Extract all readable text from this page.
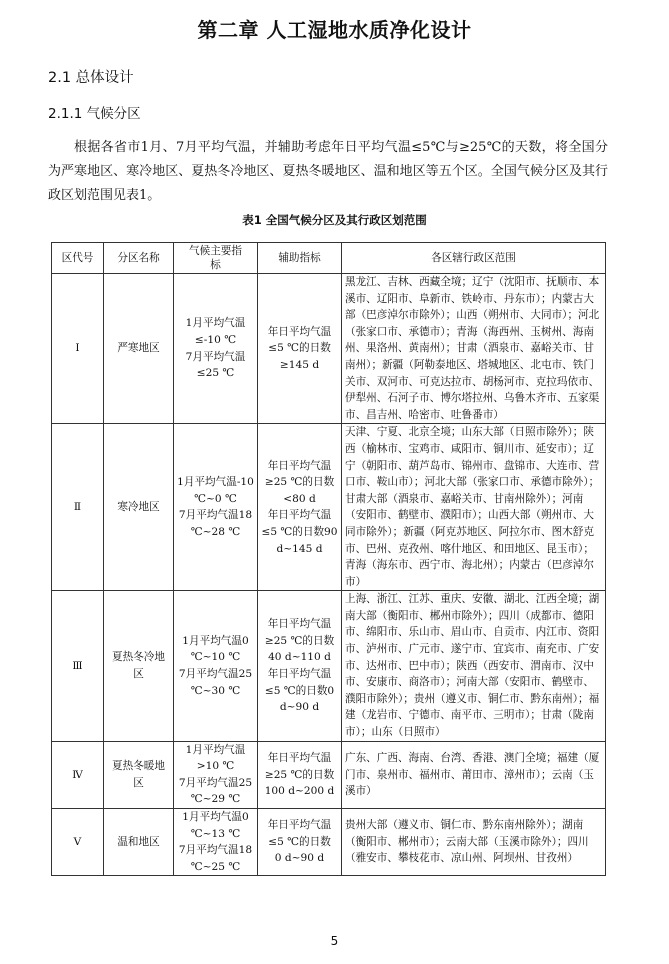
第二章 人工湿地水质净化设计
2.1 总体设计
2.1.1 气候分区

根据各省市1月、7月平均气温，并辅助考虑年日平均气温≤5℃与≥25℃的天数，将全国分为严寒地区、寒冷地区、夏热冬冷地区、夏热冬暖地区、温和地区等五个区。全国气候分区及其行政区划范围见表1。

表1 全国气候分区及其行政区划范围
区代号	分区名称	气候主要指标	辅助指标	各区辖行政区范围
Ⅰ	严寒地区	1月平均气温≤-10 ℃
7月平均气温≤25 ℃	年日平均气温≤5 ℃的日数≥145 d	黑龙江、吉林、西藏全境；辽宁（沈阳市、抚顺市、本溪市、辽阳市、阜新市、铁岭市、丹东市）；内蒙古大部（巴彦淖尔市除外）；山西（朔州市、大同市）；河北（张家口市、承德市）；青海（海西州、玉树州、海南州、果洛州、黄南州）；甘肃（酒泉市、嘉峪关市、甘南州）；新疆（阿勒泰地区、塔城地区、北屯市、铁门关市、双河市、可克达拉市、胡杨河市、克拉玛依市、伊犁州、石河子市、博尔塔拉州、乌鲁木齐市、五家渠市、昌吉州、哈密市、吐鲁番市）
Ⅱ	寒冷地区	1月平均气温-10 ℃~0 ℃
7月平均气温18 ℃~28 ℃	年日平均气温≥25 ℃的日数<80 d
年日平均气温≤5 ℃的日数90 d~145 d	天津、宁夏、北京全境；山东大部（日照市除外）；陕西（榆林市、宝鸡市、咸阳市、铜川市、延安市）；辽宁（朝阳市、葫芦岛市、锦州市、盘锦市、大连市、营口市、鞍山市）；河北大部（张家口市、承德市除外）；甘肃大部（酒泉市、嘉峪关市、甘南州除外）；河南（安阳市、鹤壁市、濮阳市）；山西大部（朔州市、大同市除外）；新疆（阿克苏地区、阿拉尔市、图木舒克市、巴州、克孜州、喀什地区、和田地区、昆玉市）；青海（海东市、西宁市、海北州）；内蒙古（巴彦淖尔市）
Ⅲ	夏热冬冷地区	1月平均气温0 ℃~10 ℃
7月平均气温25 ℃~30 ℃	年日平均气温≥25 ℃的日数40 d~110 d
年日平均气温≤5 ℃的日数0 d~90 d	上海、浙江、江苏、重庆、安徽、湖北、江西全境；湖南大部（衡阳市、郴州市除外）；四川（成都市、德阳市、绵阳市、乐山市、眉山市、自贡市、内江市、资阳市、泸州市、广元市、遂宁市、宜宾市、南充市、广安市、达州市、巴中市）；陕西（西安市、渭南市、汉中市、安康市、商洛市）；河南大部（安阳市、鹤壁市、濮阳市除外）；贵州（遵义市、铜仁市、黔东南州）；福建（龙岩市、宁德市、南平市、三明市）；甘肃（陇南市）；山东（日照市）
Ⅳ	夏热冬暖地区	1月平均气温>10 ℃
7月平均气温25 ℃~29 ℃	年日平均气温≥25 ℃的日数100 d~200 d	广东、广西、海南、台湾、香港、澳门全境；福建（厦门市、泉州市、福州市、莆田市、漳州市）；云南（玉溪市）
Ⅴ	温和地区	1月平均气温0 ℃~13 ℃
7月平均气温18 ℃~25 ℃	年日平均气温≤5 ℃的日数0 d~90 d	贵州大部（遵义市、铜仁市、黔东南州除外）；湖南（衡阳市、郴州市）；云南大部（玉溪市除外）；四川（雅安市、攀枝花市、凉山州、阿坝州、甘孜州）
5
